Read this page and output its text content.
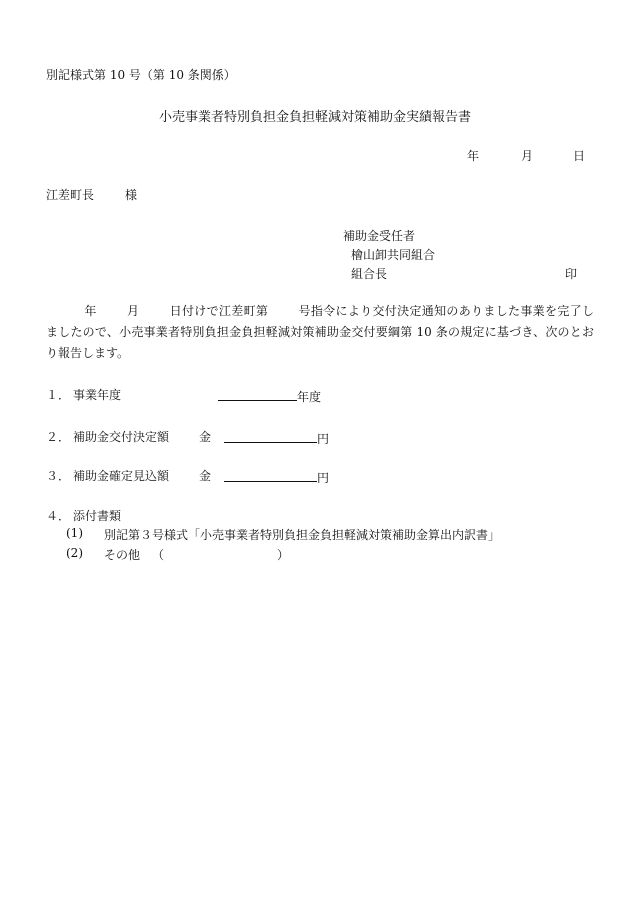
別記様式第 10 号（第 10 条関係）
小売事業者特別負担金負担軽減対策補助金実績報告書
年	月	日
江差町長	様
補助金受任者
檜山卸共同組合
組合長	印
年	月	日付けで江差町第	号指令により交付決定通知のありました事業を完了しましたので、小売事業者特別負担金負担軽減対策補助金交付要綱第 10 条の規定に基づき、次のとおり報告します。
１． 事業年度	年度
２． 補助金交付決定額 金	円
３． 補助金確定見込額 金	円
４． 添付書類
(1) 別記第３号様式「小売事業者特別負担金負担軽減対策補助金算出内訳書」
(2) その他 （	）
